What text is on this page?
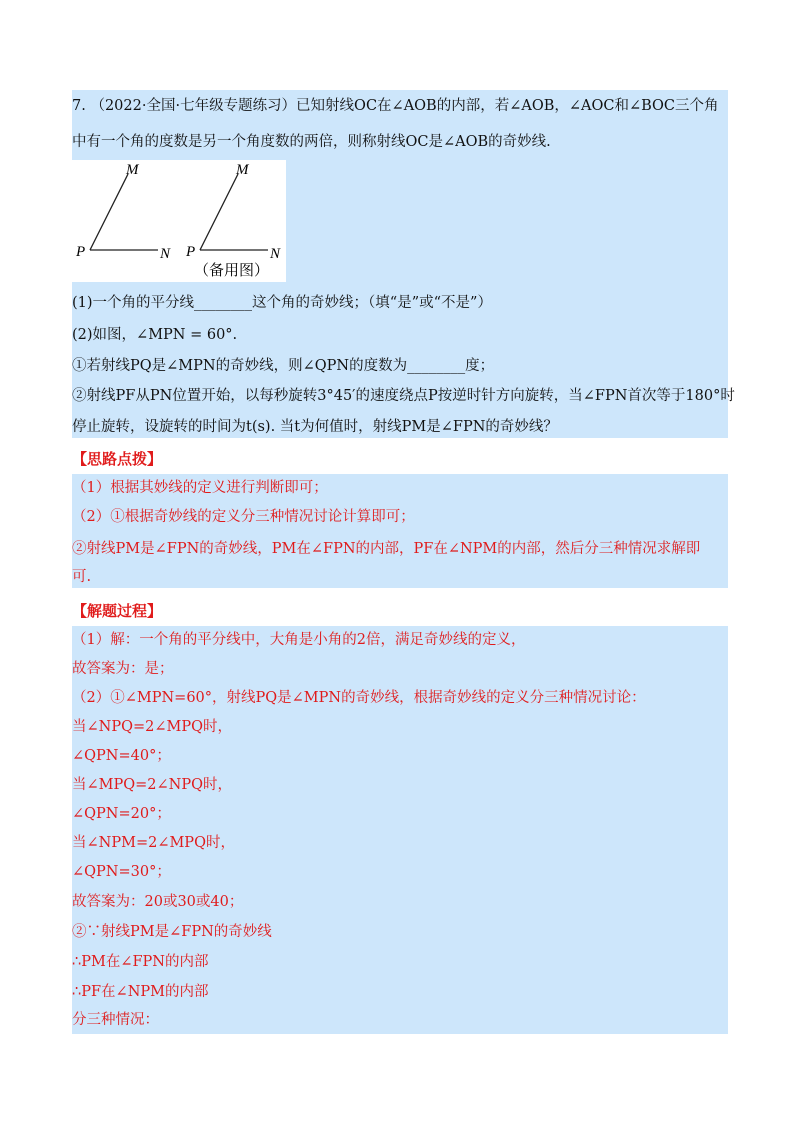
7. （2022·全国·七年级专题练习）已知射线OC在∠AOB的内部，若∠AOB，∠AOC和∠BOC三个角
中有一个角的度数是另一个角度数的两倍，则称射线OC是∠AOB的奇妙线.
(1)一个角的平分线________这个角的奇妙线；（填“是”或“不是”）
(2)如图，∠MPN = 60°.
①若射线PQ是∠MPN的奇妙线，则∠QPN的度数为________度；
②射线PF从PN位置开始，以每秒旋转3°45′的速度绕点P按逆时针方向旋转，当∠FPN首次等于180°时
停止旋转，设旋转的时间为t(s). 当t为何值时，射线PM是∠FPN的奇妙线？
M
P	N
M
P	N
（备用图）
【思路点拨】
（1）根据其妙线的定义进行判断即可；
（2）①根据奇妙线的定义分三种情况讨论计算即可；
②射线PM是∠FPN的奇妙线，PM在∠FPN的内部，PF在∠NPM的内部，然后分三种情况求解即
可.
【解题过程】
（1）解：一个角的平分线中，大角是小角的2倍，满足奇妙线的定义，
故答案为：是；
（2）①∠MPN=60°，射线PQ是∠MPN的奇妙线，根据奇妙线的定义分三种情况讨论：
当∠NPQ=2∠MPQ时，
∠QPN=40°；
当∠MPQ=2∠NPQ时，
∠QPN=20°；
当∠NPM=2∠MPQ时，
∠QPN=30°；
故答案为：20或30或40；
②∵射线PM是∠FPN的奇妙线
∴PM在∠FPN的内部
∴PF在∠NPM的内部
分三种情况：
